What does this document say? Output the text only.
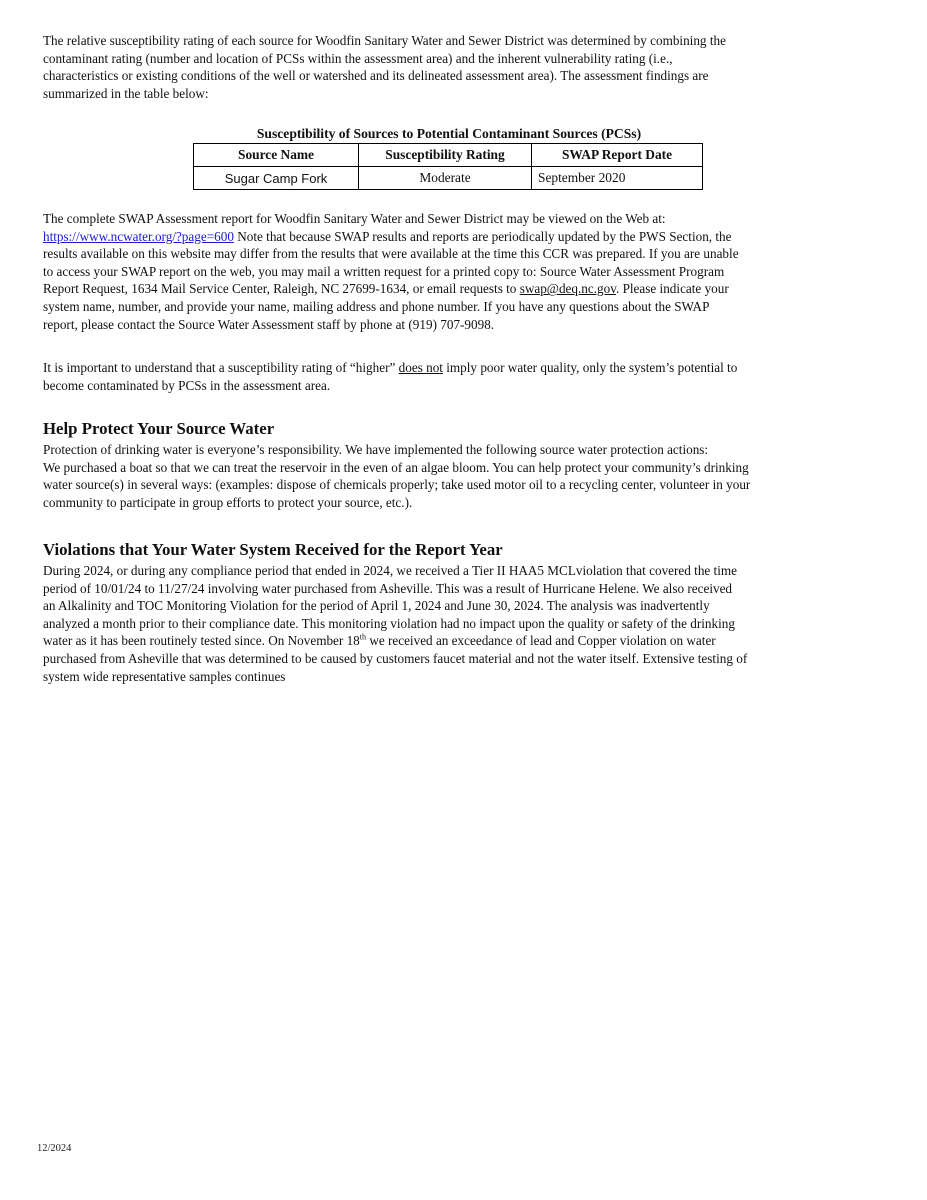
The relative susceptibility rating of each source for Woodfin Sanitary Water and Sewer District was determined by combining the
contaminant rating (number and location of PCSs within the assessment area) and the inherent vulnerability rating (i.e.,
characteristics or existing conditions of the well or watershed and its delineated assessment area). The assessment findings are
summarized in the table below:

Susceptibility of Sources to Potential Contaminant Sources (PCSs)
Source Name	Susceptibility Rating	SWAP Report Date
Sugar Camp Fork	Moderate	September 2020

The complete SWAP Assessment report for Woodfin Sanitary Water and Sewer District may be viewed on the Web at:
https://www.ncwater.org/?page=600 Note that because SWAP results and reports are periodically updated by the PWS Section, the
results available on this website may differ from the results that were available at the time this CCR was prepared. If you are unable
to access your SWAP report on the web, you may mail a written request for a printed copy to: Source Water Assessment Program
Report Request, 1634 Mail Service Center, Raleigh, NC 27699-1634, or email requests to swap@deq.nc.gov. Please indicate your
system name, number, and provide your name, mailing address and phone number. If you have any questions about the SWAP
report, please contact the Source Water Assessment staff by phone at (919) 707-9098.

It is important to understand that a susceptibility rating of “higher” does not imply poor water quality, only the system’s potential to
become contaminated by PCSs in the assessment area.

Help Protect Your Source Water

Protection of drinking water is everyone’s responsibility. We have implemented the following source water protection actions:
We purchased a boat so that we can treat the reservoir in the even of an algae bloom. You can help protect your community’s drinking
water source(s) in several ways: (examples: dispose of chemicals properly; take used motor oil to a recycling center, volunteer in your
community to participate in group efforts to protect your source, etc.).

Violations that Your Water System Received for the Report Year

During 2024, or during any compliance period that ended in 2024, we received a Tier II HAA5 MCLviolation that covered the time
period of 10/01/24 to 11/27/24 involving water purchased from Asheville. This was a result of Hurricane Helene. We also received
an Alkalinity and TOC Monitoring Violation for the period of April 1, 2024 and June 30, 2024. The analysis was inadvertently
analyzed a month prior to their compliance date. This monitoring violation had no impact upon the quality or safety of the drinking
water as it has been routinely tested since. On November 18th we received an exceedance of lead and Copper violation on water
purchased from Asheville that was determined to be caused by customers faucet material and not the water itself. Extensive testing of
system wide representative samples continues

12/2024
